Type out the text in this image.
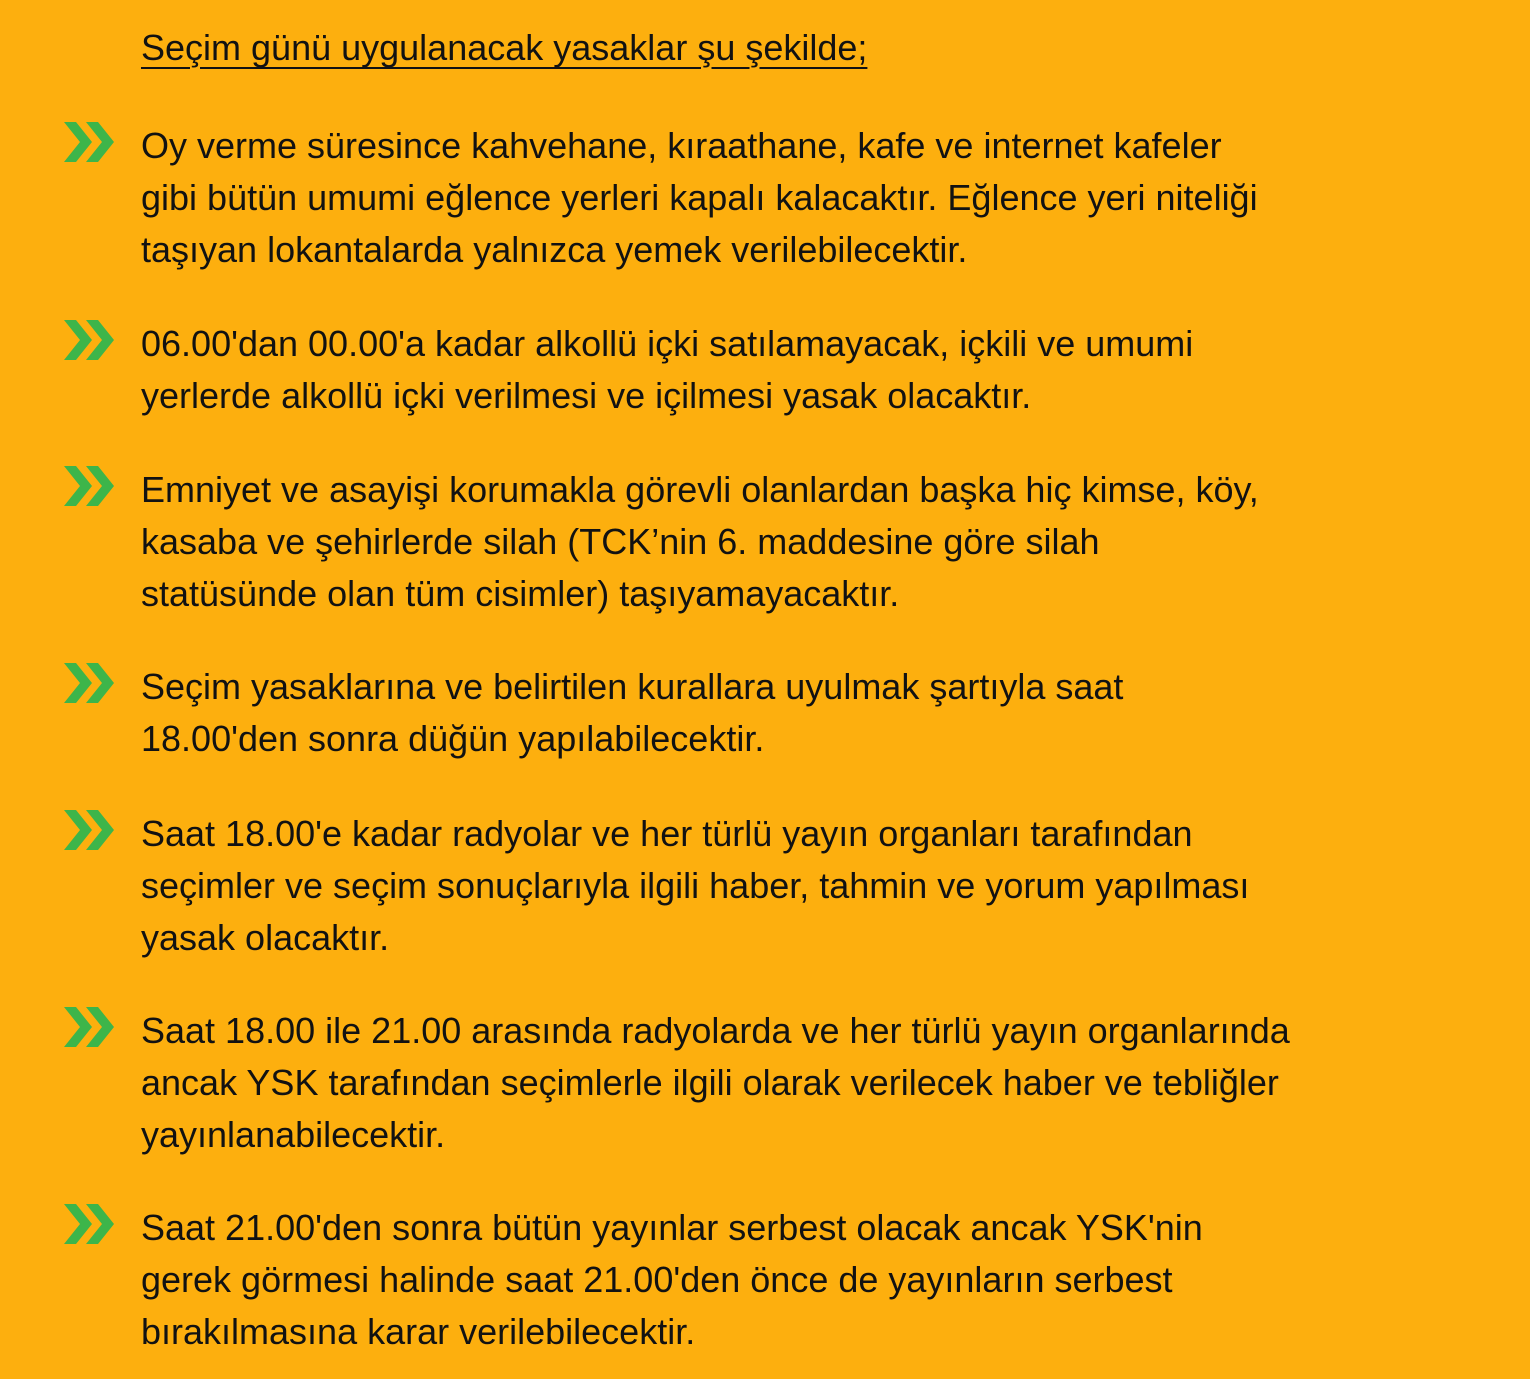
Seçim günü uygulanacak yasaklar şu şekilde;
Oy verme süresince kahvehane, kıraathane, kafe ve internet kafeler
gibi bütün umumi eğlence yerleri kapalı kalacaktır. Eğlence yeri niteliği
taşıyan lokantalarda yalnızca yemek verilebilecektir.
06.00'dan 00.00'a kadar alkollü içki satılamayacak, içkili ve umumi
yerlerde alkollü içki verilmesi ve içilmesi yasak olacaktır.
Emniyet ve asayişi korumakla görevli olanlardan başka hiç kimse, köy,
kasaba ve şehirlerde silah (TCK’nin 6. maddesine göre silah
statüsünde olan tüm cisimler) taşıyamayacaktır.
Seçim yasaklarına ve belirtilen kurallara uyulmak şartıyla saat
18.00'den sonra düğün yapılabilecektir.
Saat 18.00'e kadar radyolar ve her türlü yayın organları tarafından
seçimler ve seçim sonuçlarıyla ilgili haber, tahmin ve yorum yapılması
yasak olacaktır.
Saat 18.00 ile 21.00 arasında radyolarda ve her türlü yayın organlarında
ancak YSK tarafından seçimlerle ilgili olarak verilecek haber ve tebliğler
yayınlanabilecektir.
Saat 21.00'den sonra bütün yayınlar serbest olacak ancak YSK'nin
gerek görmesi halinde saat 21.00'den önce de yayınların serbest
bırakılmasına karar verilebilecektir.
